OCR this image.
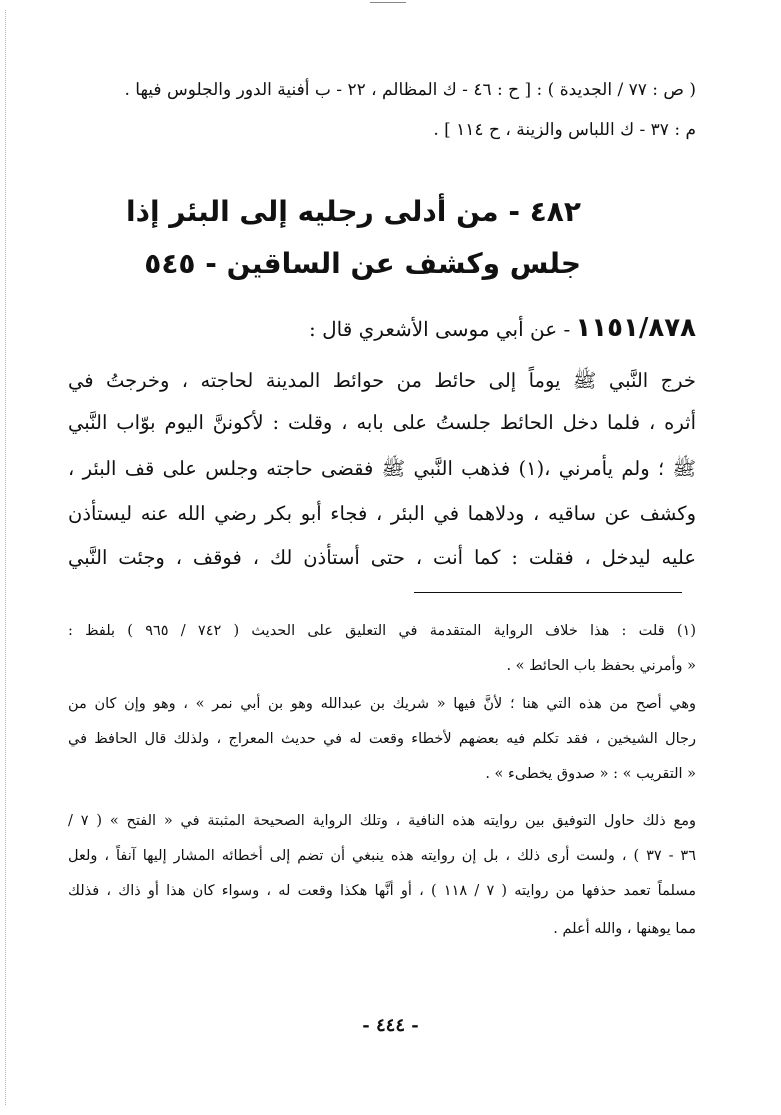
( ص : ٧٧ / الجديدة ) : [ ح : ٤٦ - ك المظالم ، ٢٢ - ب أفنية الدور والجلوس فيها .
م : ٣٧ - ك اللباس والزينة ، ح ١١٤ ] .
٤٨٢ - من أدلى رجليه إلى البئر إذا
جلس وكشف عن الساقين - ٥٤٥
١١٥١/٨٧٨ - عن أبي موسى الأشعري قال :
خرج النَّبي ﷺ يوماً إلى حائط من حوائط المدينة لحاجته ، وخرجتُ في
أثره ، فلما دخل الحائط جلستُ على بابه ، وقلت : لأكوننَّ اليوم بوّاب النَّبي
ﷺ ؛ ولم يأمرني ،(١) فذهب النَّبي ﷺ فقضى حاجته وجلس على قف البئر ،
وكشف عن ساقيه ، ودلاهما في البئر ، فجاء أبو بكر رضي الله عنه ليستأذن
عليه ليدخل ، فقلت : كما أنت ، حتى أستأذن لك ، فوقف ، وجئت النَّبي
(١) قلت : هذا خلاف الرواية المتقدمة في التعليق على الحديث ( ٧٤٢ / ٩٦٥ ) بلفظ :
« وأمرني بحفظ باب الحائط » .
وهي أصح من هذه التي هنا ؛ لأنَّ فيها « شريك بن عبدالله وهو بن أبي نمر » ، وهو وإن كان من
رجال الشيخين ، فقد تكلم فيه بعضهم لأخطاء وقعت له في حديث المعراج ، ولذلك قال الحافظ في
« التقريب » : « صدوق يخطىء » .
ومع ذلك حاول التوفيق بين روايته هذه النافية ، وتلك الرواية الصحيحة المثبتة في « الفتح » ( ٧ /
٣٦ - ٣٧ ) ، ولست أرى ذلك ، بل إن روايته هذه ينبغي أن تضم إلى أخطائه المشار إليها آنفاً ، ولعل
مسلماً تعمد حذفها من روايته ( ٧ / ١١٨ ) ، أو أنَّها هكذا وقعت له ، وسواء كان هذا أو ذاك ، فذلك
مما يوهنها ، والله أعلم .
- ٤٤٤ -
